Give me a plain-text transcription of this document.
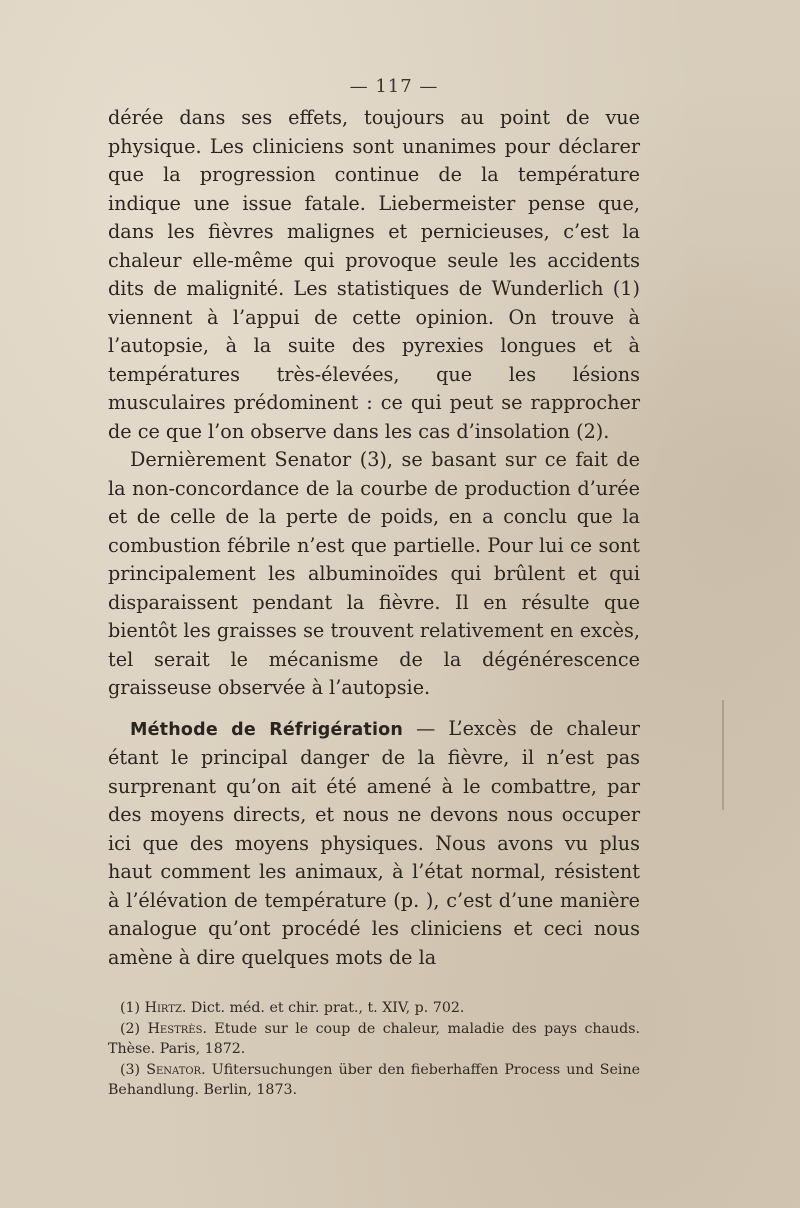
— 117 —

dérée dans ses effets, toujours au point de vue physique. Les cliniciens sont unanimes pour déclarer que la progression continue de la température indique une issue fatale. Liebermeister pense que, dans les fièvres malignes et pernicieuses, c’est la chaleur elle-même qui provoque seule les accidents dits de malignité. Les statistiques de Wunderlich (1) viennent à l’appui de cette opinion. On trouve à l’autopsie, à la suite des pyrexies longues et à températures très-élevées, que les lésions musculaires prédominent : ce qui peut se rapprocher de ce que l’on observe dans les cas d’insolation (2).

Dernièrement Senator (3), se basant sur ce fait de la non-concordance de la courbe de production d’urée et de celle de la perte de poids, en a conclu que la combustion fébrile n’est que partielle. Pour lui ce sont principalement les albuminoïdes qui brûlent et qui disparaissent pendant la fièvre. Il en résulte que bientôt les graisses se trouvent relativement en excès, tel serait le mécanisme de la dégénérescence graisseuse observée à l’autopsie.

Méthode de Réfrigération — L’excès de chaleur étant le principal danger de la fièvre, il n’est pas surprenant qu’on ait été amené à le combattre, par des moyens directs, et nous ne devons nous occuper ici que des moyens physiques. Nous avons vu plus haut comment les animaux, à l’état normal, résistent à l’élévation de température (p. ), c’est d’une manière analogue qu’ont procédé les cliniciens et ceci nous amène à dire quelques mots de la

(1) Hirtz. Dict. méd. et chir. prat., t. XIV, p. 702.

(2) Hestrès. Etude sur le coup de chaleur, maladie des pays chauds. Thèse. Paris, 1872.

(3) Senator. Ufitersuchungen über den fieberhaffen Process und Seine Behandlung. Berlin, 1873.
